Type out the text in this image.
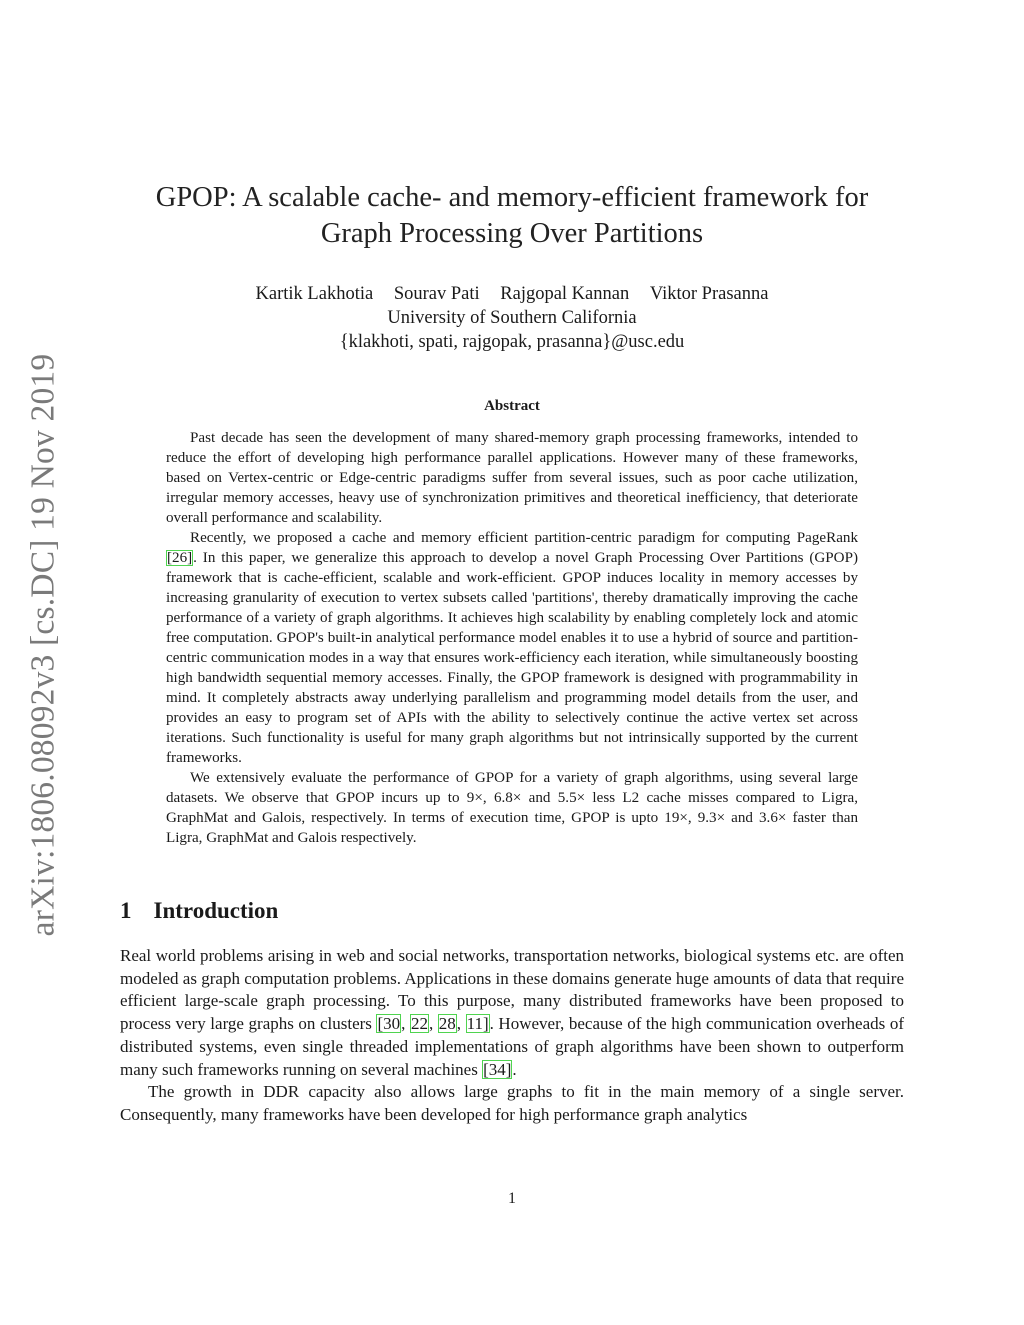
arXiv:1806.08092v3 [cs.DC] 19 Nov 2019
GPOP: A scalable cache- and memory-efficient framework for
Graph Processing Over Partitions
Kartik Lakhotia Sourav Pati Rajgopal Kannan Viktor Prasanna
University of Southern California
{klakhoti, spati, rajgopak, prasanna}@usc.edu
Abstract

Past decade has seen the development of many shared-memory graph processing frameworks, intended to reduce the effort of developing high performance parallel applications. However many of these frameworks, based on Vertex-centric or Edge-centric paradigms suffer from several issues, such as poor cache utilization, irregular memory accesses, heavy use of synchronization primitives and theoretical inefficiency, that deteriorate overall performance and scalability.

Recently, we proposed a cache and memory efficient partition-centric paradigm for computing PageRank [26]. In this paper, we generalize this approach to develop a novel Graph Processing Over Partitions (GPOP) framework that is cache-efficient, scalable and work-efficient. GPOP induces locality in memory accesses by increasing granularity of execution to vertex subsets called 'partitions', thereby dramatically improving the cache performance of a variety of graph algorithms. It achieves high scalability by enabling completely lock and atomic free computation. GPOP's built-in analytical performance model enables it to use a hybrid of source and partition-centric communication modes in a way that ensures work-efficiency each iteration, while simultaneously boosting high bandwidth sequential memory accesses. Finally, the GPOP framework is designed with programmability in mind. It completely abstracts away underlying parallelism and programming model details from the user, and provides an easy to program set of APIs with the ability to selectively continue the active vertex set across iterations. Such functionality is useful for many graph algorithms but not intrinsically supported by the current frameworks.

We extensively evaluate the performance of GPOP for a variety of graph algorithms, using several large datasets. We observe that GPOP incurs up to 9×, 6.8× and 5.5× less L2 cache misses compared to Ligra, GraphMat and Galois, respectively. In terms of execution time, GPOP is upto 19×, 9.3× and 3.6× faster than Ligra, GraphMat and Galois respectively.

1 Introduction

Real world problems arising in web and social networks, transportation networks, biological systems etc. are often modeled as graph computation problems. Applications in these domains generate huge amounts of data that require efficient large-scale graph processing. To this purpose, many distributed frameworks have been proposed to process very large graphs on clusters [30, 22, 28, 11]. However, because of the high communication overheads of distributed systems, even single threaded implementations of graph algorithms have been shown to outperform many such frameworks running on several machines [34].

The growth in DDR capacity also allows large graphs to fit in the main memory of a single server. Consequently, many frameworks have been developed for high performance graph analytics

1
